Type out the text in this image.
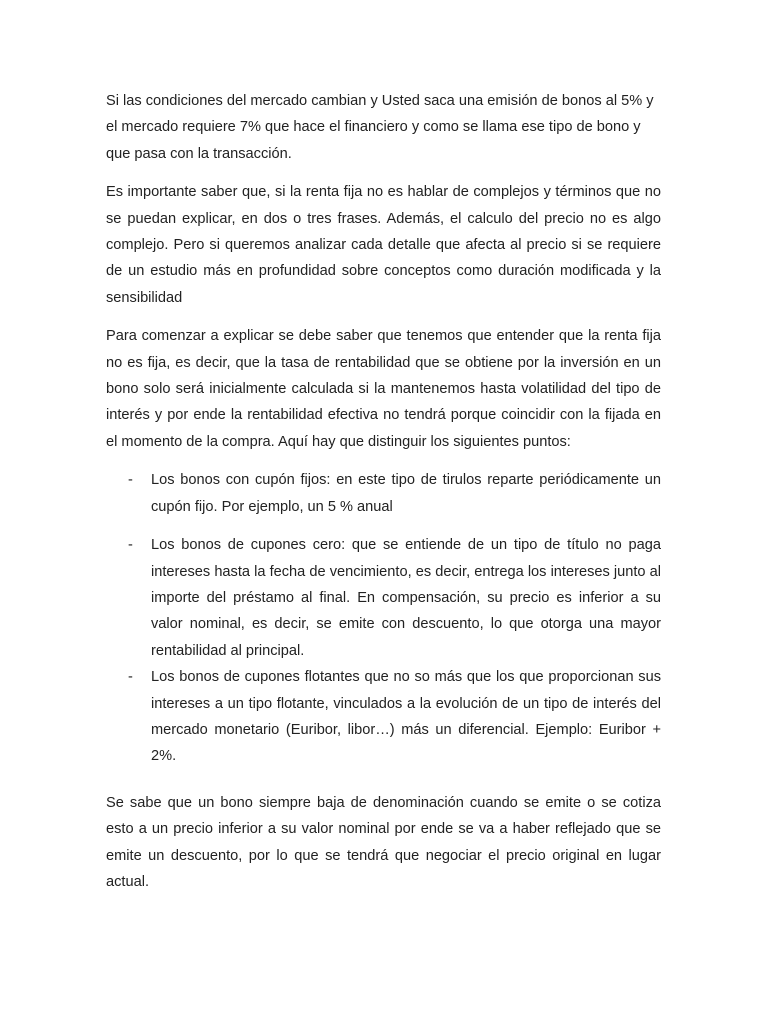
Si las condiciones del mercado cambian y Usted saca una emisión de bonos al 5% y el mercado requiere 7% que hace el financiero y como se llama ese tipo de bono y que pasa con la transacción.

Es importante saber que, si la renta fija no es hablar de complejos y términos que no se puedan explicar, en dos o tres frases. Además, el calculo del precio no es algo complejo. Pero si queremos analizar cada detalle que afecta al precio si se requiere de un estudio más en profundidad sobre conceptos como duración modificada y la sensibilidad

Para comenzar a explicar se debe saber que tenemos que entender que la renta fija no es fija, es decir, que la tasa de rentabilidad que se obtiene por la inversión en un bono solo será inicialmente calculada si la mantenemos hasta volatilidad del tipo de interés y por ende la rentabilidad efectiva no tendrá porque coincidir con la fijada en el momento de la compra. Aquí hay que distinguir los siguientes puntos:

- Los bonos con cupón fijos: en este tipo de tirulos reparte periódicamente un cupón fijo. Por ejemplo, un 5 % anual
- Los bonos de cupones cero: que se entiende de un tipo de título no paga intereses hasta la fecha de vencimiento, es decir, entrega los intereses junto al importe del préstamo al final. En compensación, su precio es inferior a su valor nominal, es decir, se emite con descuento, lo que otorga una mayor rentabilidad al principal.
- Los bonos de cupones flotantes que no so más que los que proporcionan sus intereses a un tipo flotante, vinculados a la evolución de un tipo de interés del mercado monetario (Euribor, libor…) más un diferencial. Ejemplo: Euribor + 2%.

Se sabe que un bono siempre baja de denominación cuando se emite o se cotiza esto a un precio inferior a su valor nominal por ende se va a haber reflejado que se emite un descuento, por lo que se tendrá que negociar el precio original en lugar actual.
